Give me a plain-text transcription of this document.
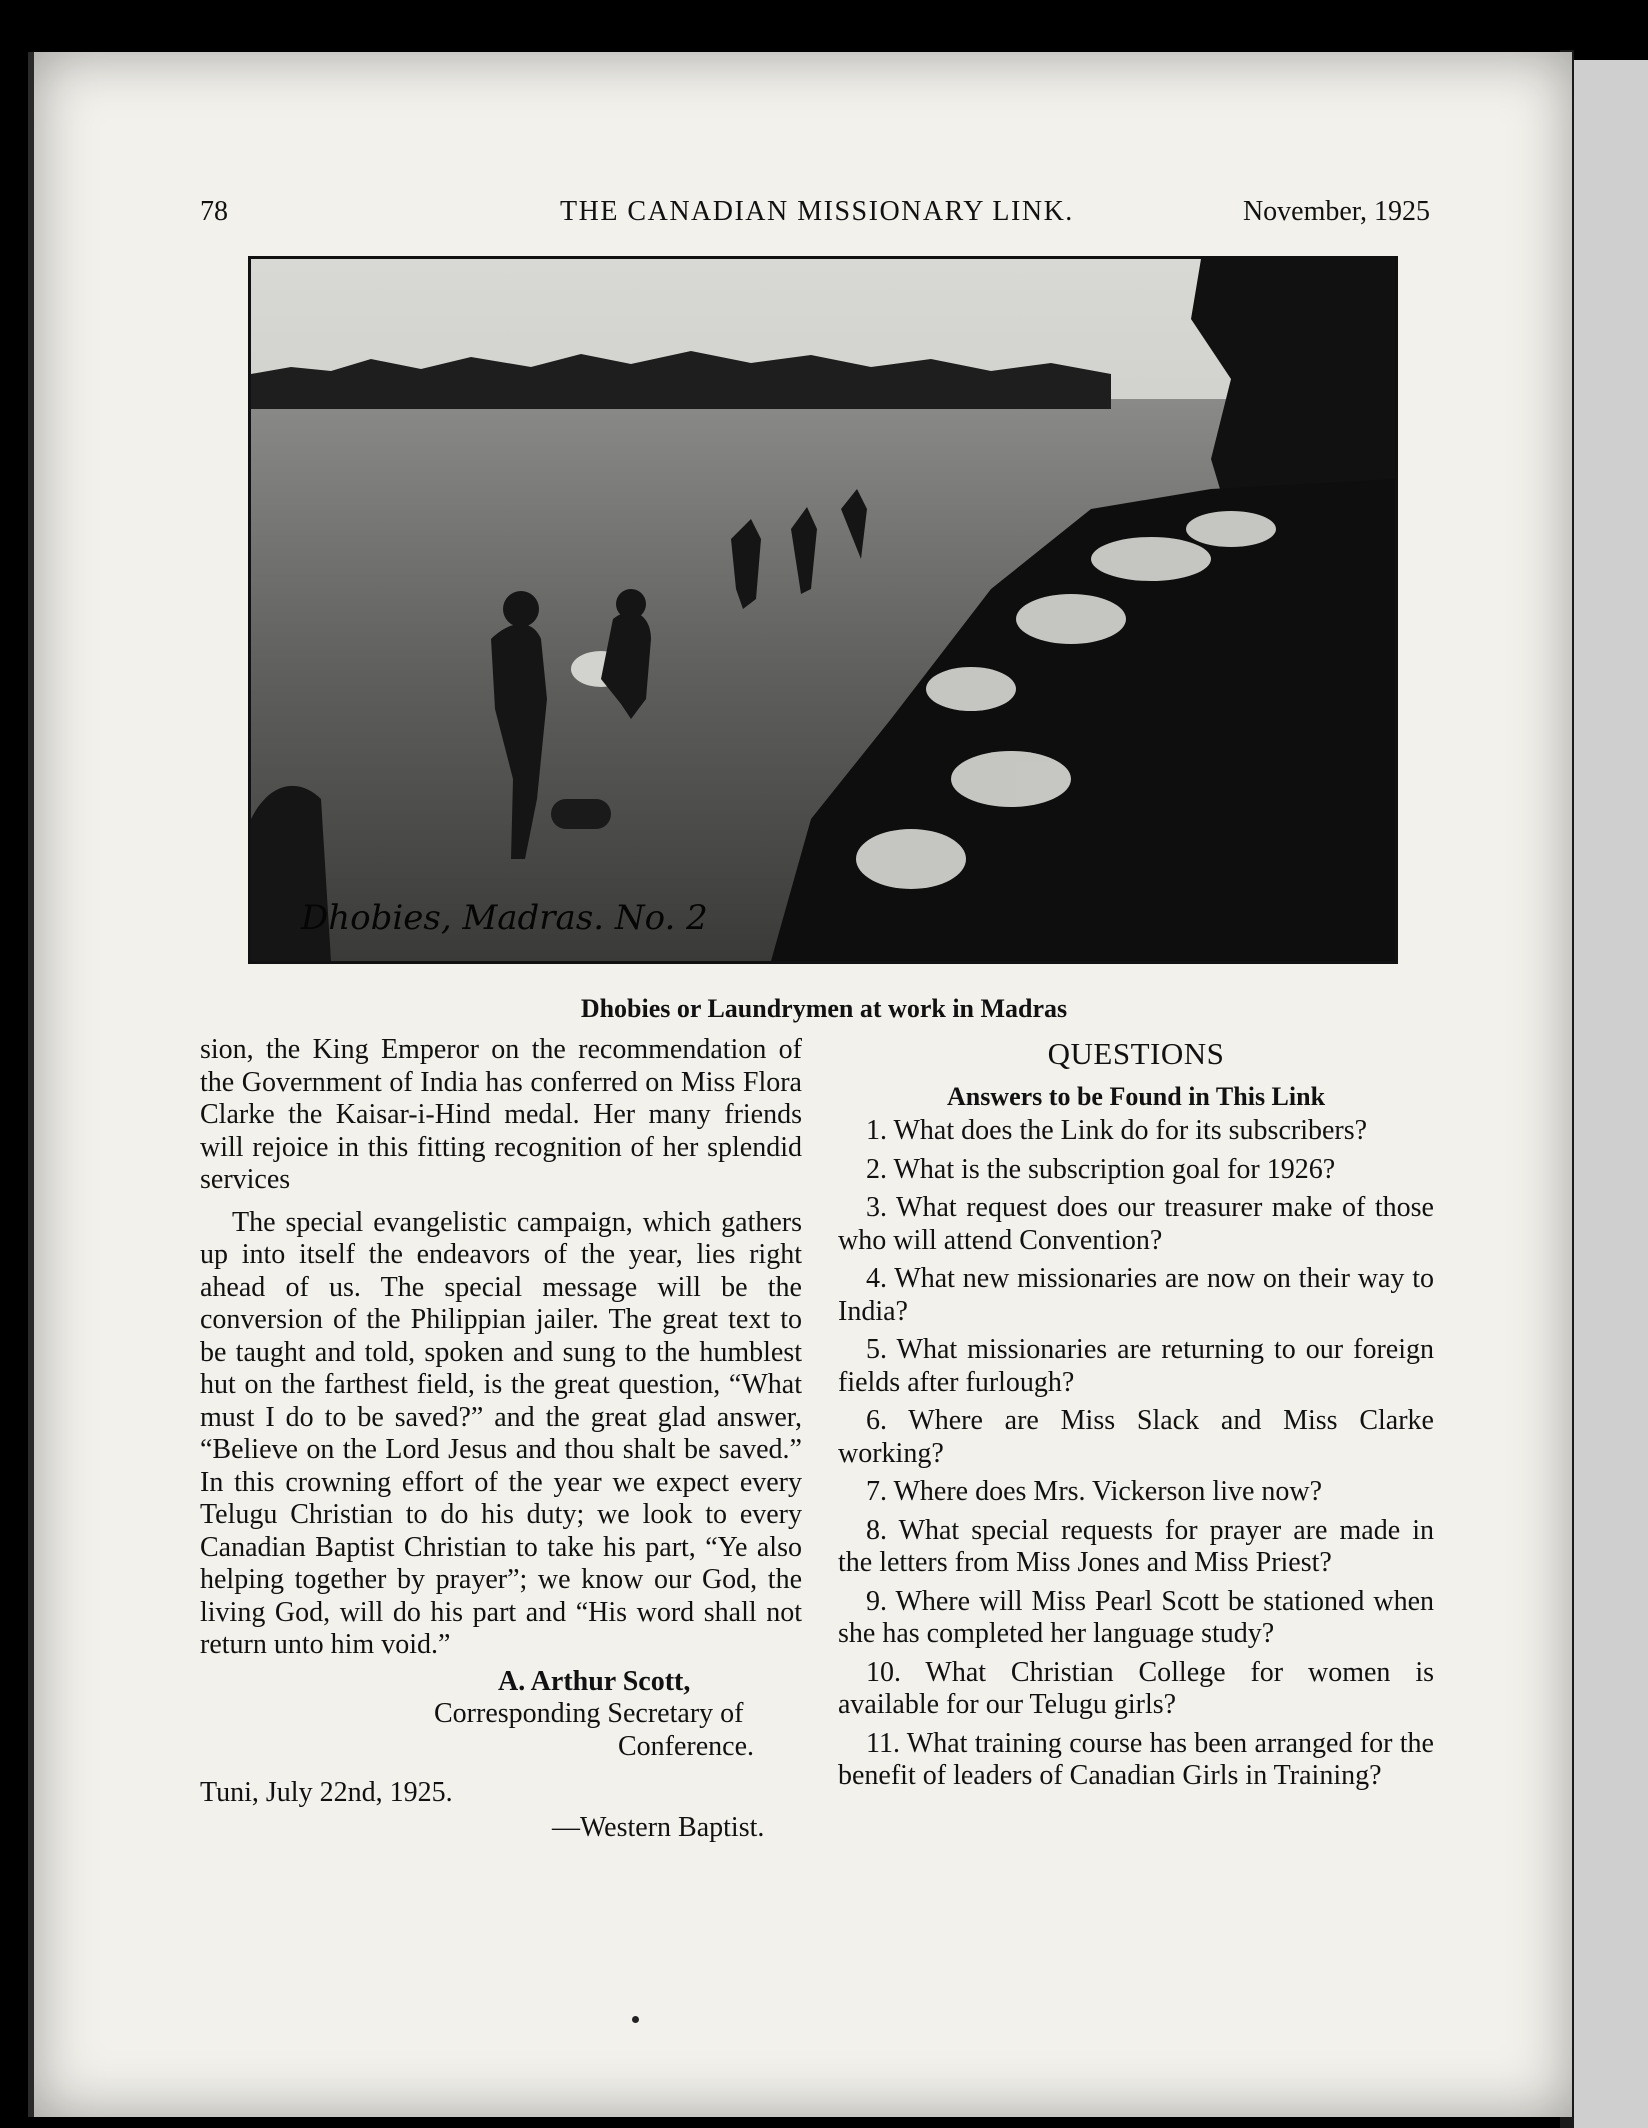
78	THE CANADIAN MISSIONARY LINK.	November, 1925
Dhobies, Madras. No. 2
Dhobies or Laundrymen at work in Madras

sion, the King Emperor on the recommendation of the Government of India has conferred on Miss Flora Clarke the Kaisar-i-Hind medal. Her many friends will rejoice in this fitting recognition of her splendid services

The special evangelistic campaign, which gathers up into itself the endeavors of the year, lies right ahead of us. The special message will be the conversion of the Philippian jailer. The great text to be taught and told, spoken and sung to the humblest hut on the farthest field, is the great question, “What must I do to be saved?” and the great glad answer, “Believe on the Lord Jesus and thou shalt be saved.” In this crowning effort of the year we expect every Telugu Christian to do his duty; we look to every Canadian Baptist Christian to take his part, “Ye also helping together by prayer”; we know our God, the living God, will do his part and “His word shall not return unto him void.”

A. Arthur Scott,
Corresponding Secretary of
Conference.
Tuni, July 22nd, 1925.
—Western Baptist.
QUESTIONS
Answers to be Found in This Link

1. What does the Link do for its subscribers?

2. What is the subscription goal for 1926?

3. What request does our treasurer make of those who will attend Convention?

4. What new missionaries are now on their way to India?

5. What missionaries are returning to our foreign fields after furlough?

6. Where are Miss Slack and Miss Clarke working?

7. Where does Mrs. Vickerson live now?

8. What special requests for prayer are made in the letters from Miss Jones and Miss Priest?

9. Where will Miss Pearl Scott be stationed when she has completed her language study?

10. What Christian College for women is available for our Telugu girls?

11. What training course has been arranged for the benefit of leaders of Canadian Girls in Training?
